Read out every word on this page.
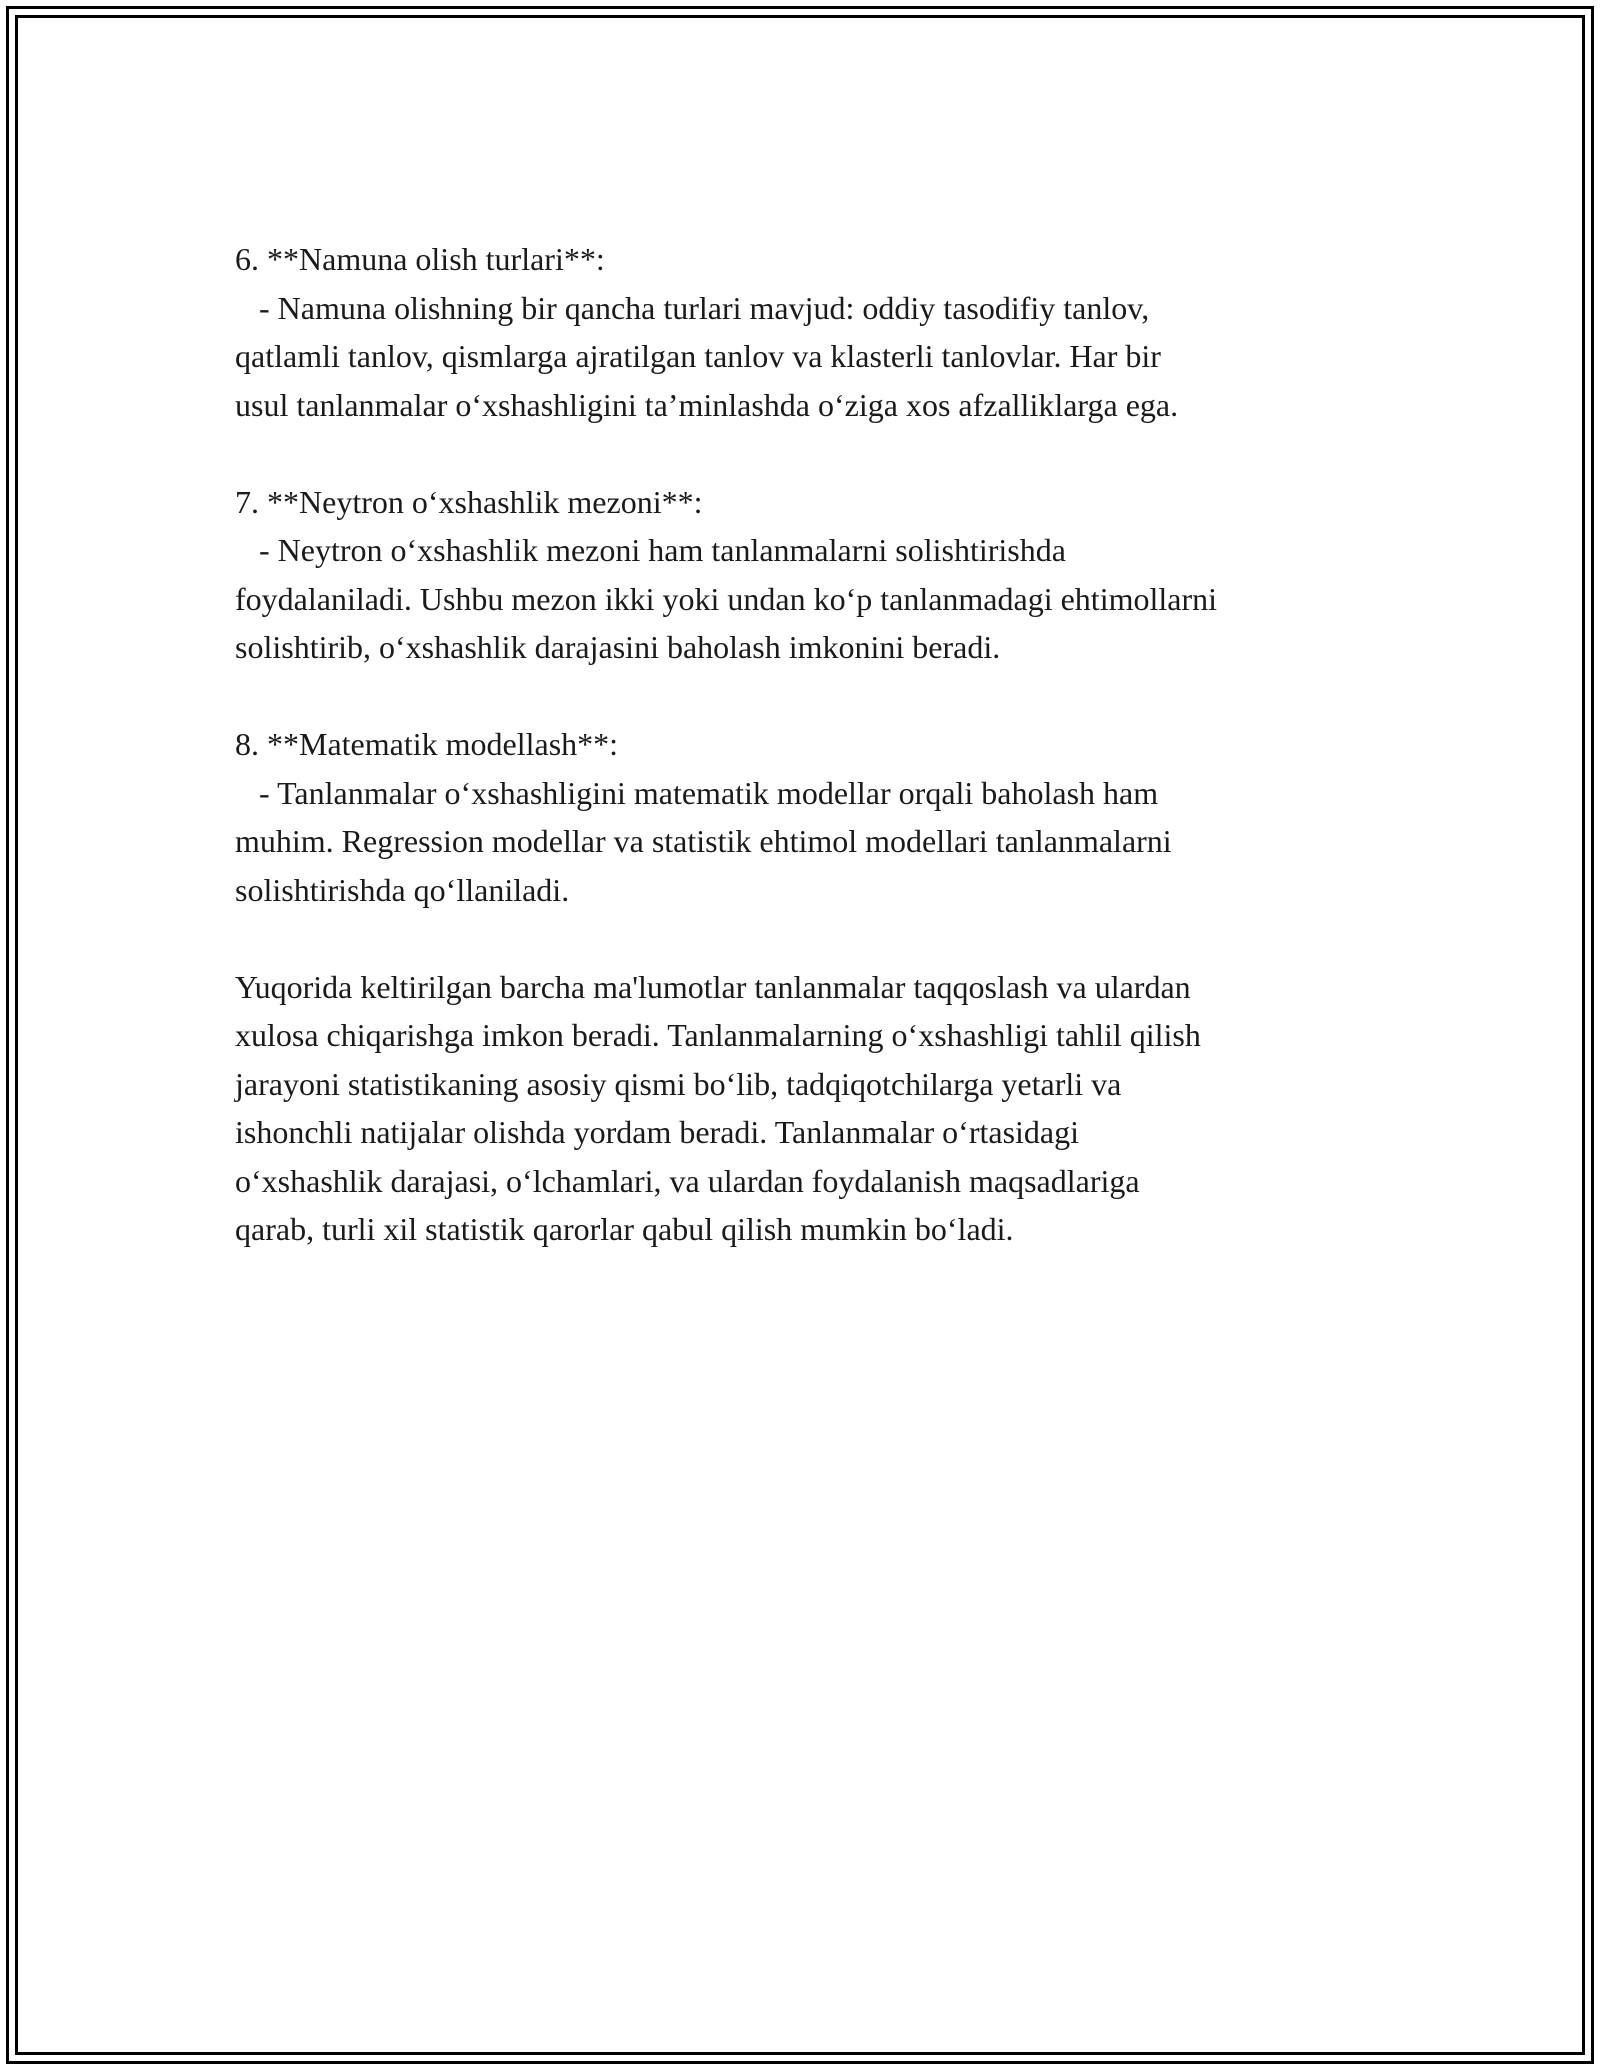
6. **Namuna olish turlari**:
- Namuna olishning bir qancha turlari mavjud: oddiy tasodifiy tanlov,
qatlamli tanlov, qismlarga ajratilgan tanlov va klasterli tanlovlar. Har bir
usul tanlanmalar o‘xshashligini ta’minlashda o‘ziga xos afzalliklarga ega.
7. **Neytron o‘xshashlik mezoni**:
- Neytron o‘xshashlik mezoni ham tanlanmalarni solishtirishda
foydalaniladi. Ushbu mezon ikki yoki undan ko‘p tanlanmadagi ehtimollarni
solishtirib, o‘xshashlik darajasini baholash imkonini beradi.
8. **Matematik modellash**:
- Tanlanmalar o‘xshashligini matematik modellar orqali baholash ham
muhim. Regression modellar va statistik ehtimol modellari tanlanmalarni
solishtirishda qo‘llaniladi.
Yuqorida keltirilgan barcha ma'lumotlar tanlanmalar taqqoslash va ulardan
xulosa chiqarishga imkon beradi. Tanlanmalarning o‘xshashligi tahlil qilish
jarayoni statistikaning asosiy qismi bo‘lib, tadqiqotchilarga yetarli va
ishonchli natijalar olishda yordam beradi. Tanlanmalar o‘rtasidagi
o‘xshashlik darajasi, o‘lchamlari, va ulardan foydalanish maqsadlariga
qarab, turli xil statistik qarorlar qabul qilish mumkin bo‘ladi.
